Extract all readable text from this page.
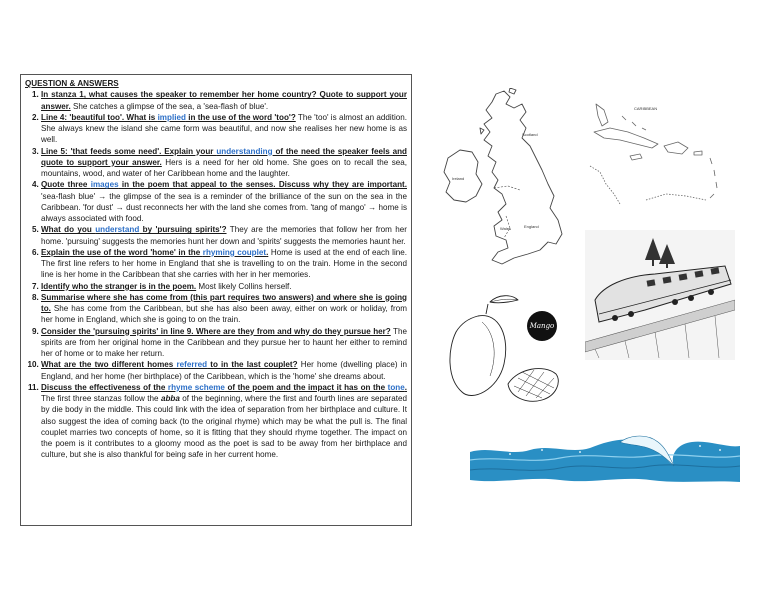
QUESTION & ANSWERS
1. In stanza 1, what causes the speaker to remember her home country? Quote to support your answer. She catches a glimpse of the sea, a 'sea-flash of blue'.
2. Line 4: 'beautiful too'. What is implied in the use of the word 'too'? The 'too' is almost an addition. She always knew the island she came form was beautiful, and now she realises her new home is as well.
3. Line 5: 'that feeds some need'. Explain your understanding of the need the speaker feels and quote to support your answer. Hers is a need for her old home. She goes on to recall the sea, mountains, wood, and water of her Caribbean home and the laughter.
4. Quote three images in the poem that appeal to the senses. Discuss why they are important. 'sea-flash blue' → the glimpse of the sea is a reminder of the brilliance of the sun on the sea in the Caribbean. 'for dust' → dust reconnects her with the land she comes from. 'tang of mango' → home is always associated with food.
5. What do you understand by 'pursuing spirits'? They are the memories that follow her from her home. 'pursuing' suggests the memories hunt her down and 'spirits' suggests the memories haunt her.
6. Explain the use of the word 'home' in the rhyming couplet. Home is used at the end of each line. The first line refers to her home in England that she is travelling to on the train. Home in the second line is her home in the Caribbean that she carries with her in her memories.
7. Identify who the stranger is in the poem. Most likely Collins herself.
8. Summarise where she has come from (this part requires two answers) and where she is going to. She has come from the Caribbean, but she has also been away, either on work or holiday, from her home in England, which she is going to on the train.
9. Consider the 'pursuing spirits' in line 9. Where are they from and why do they pursue her? The spirits are from her original home in the Caribbean and they pursue her to haunt her either to remind her of home or to make her return.
10. What are the two different homes referred to in the last couplet? Her home (dwelling place) in England, and her home (her birthplace) of the Caribbean, which is the 'home' she dreams about.
11. Discuss the effectiveness of the rhyme scheme of the poem and the impact it has on the tone. The first three stanzas follow the abba of the beginning, where the first and fourth lines are separated by die body in the middle. This could link with the idea of separation from her birthplace and culture. It also suggest the idea of coming back (to the original rhyme) which may be what the pull is. The final couplet marries two concepts of home, so it is fitting that they should rhyme together. The impact on the poem is it contributes to a gloomy mood as the poet is sad to be away from her birthplace and culture, but she is also thankful for being safe in her current home.
Scotland
Ireland
Wales	England
CARIBBEAN
Mango
